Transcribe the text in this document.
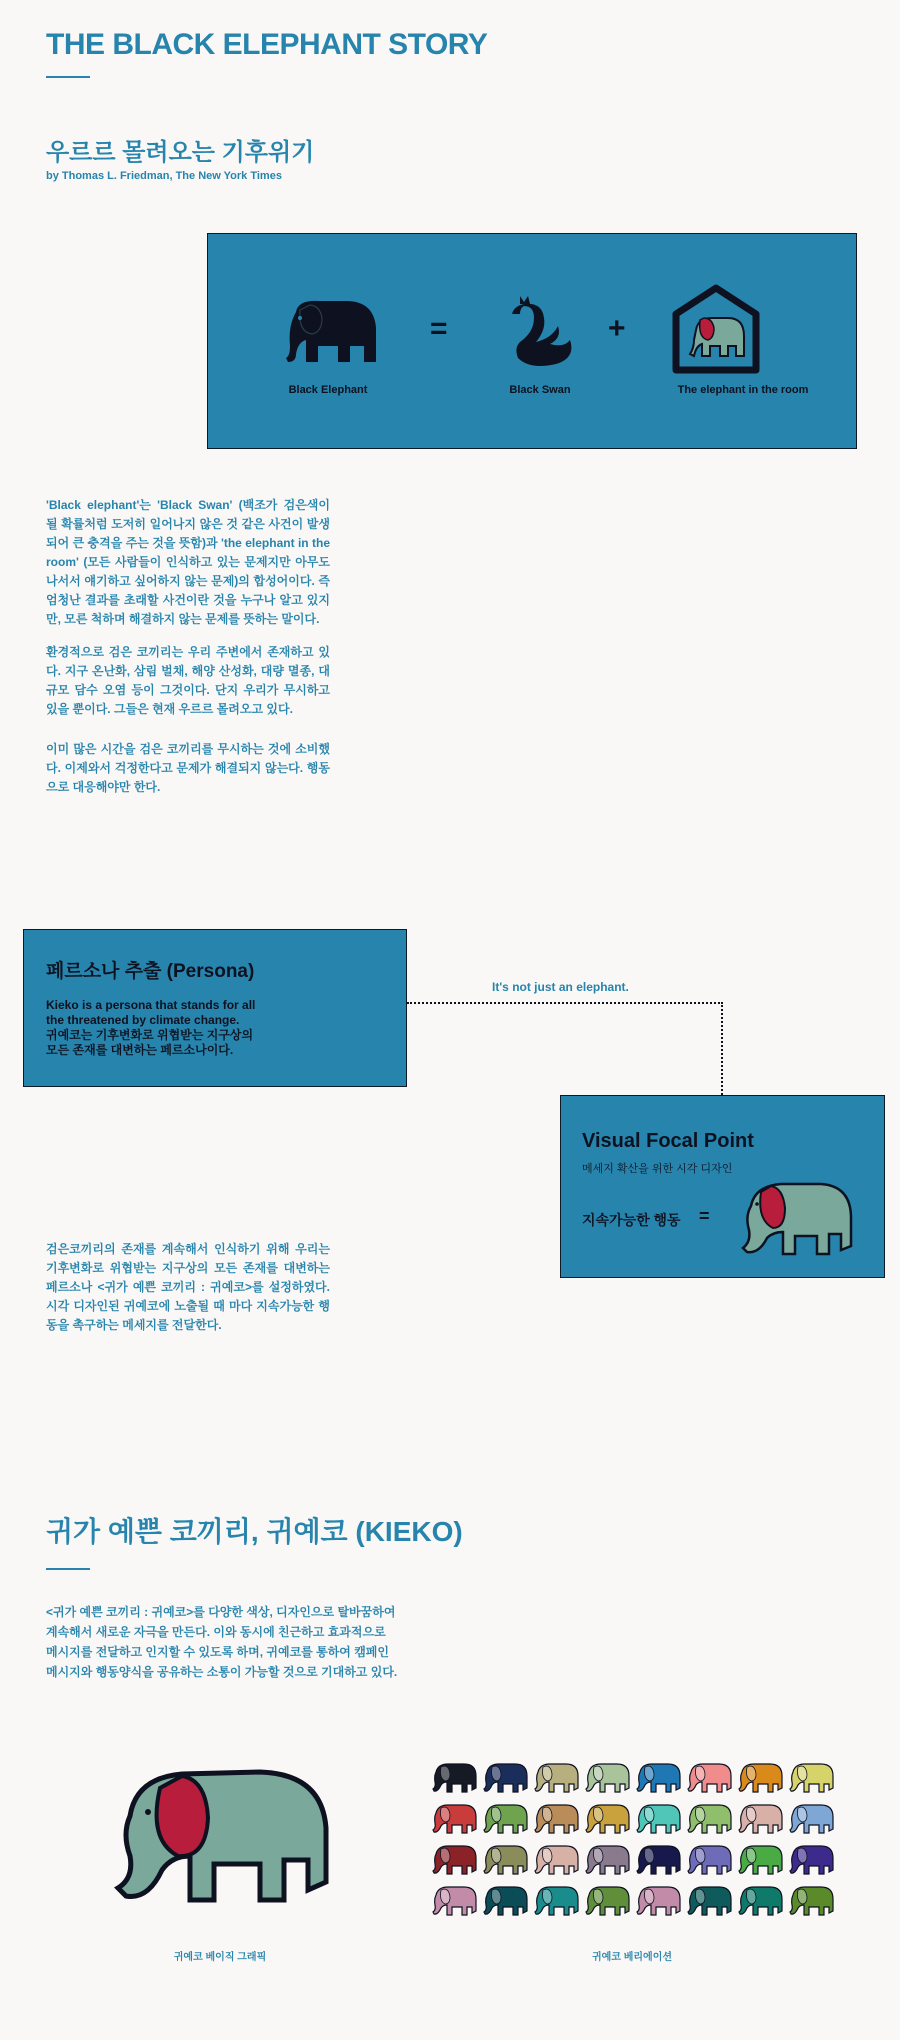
THE BLACK ELEPHANT STORY
우르르 몰려오는 기후위기
by Thomas L. Friedman, The New York Times
Black Elephant
=
Black Swan
+
The elephant in the room
'Black elephant'는 'Black Swan' (백조가 검은색이 될 확률처럼 도저히 일어나지 않은 것 같은 사건이 발생되어 큰 충격을 주는 것을 뜻함)과 'the elephant in the room' (모든 사람들이 인식하고 있는 문제지만 아무도 나서서 얘기하고 싶어하지 않는 문제)의 합성어이다. 즉 엄청난 결과를 초래할 사건이란 것을 누구나 알고 있지만, 모른 척하며 해결하지 않는 문제를 뜻하는 말이다.
환경적으로 검은 코끼리는 우리 주변에서 존재하고 있다. 지구 온난화, 삼림 벌채, 해양 산성화, 대량 멸종, 대규모 담수 오염 등이 그것이다. 단지 우리가 무시하고 있을 뿐이다. 그들은 현재 우르르 몰려오고 있다.
이미 많은 시간을 검은 코끼리를 무시하는 것에 소비했다. 이제와서 걱정한다고 문제가 해결되지 않는다. 행동으로 대응해야만 한다.
페르소나 추출 (Persona)
Kieko is a persona that stands for all
the threatened by climate change.
귀예코는 기후변화로 위협받는 지구상의
모든 존재를 대변하는 페르소나이다.
It's not just an elephant.
Visual Focal Point
메세지 확산을 위한 시각 디자인
지속가능한 행동 =
검은코끼리의 존재를 계속해서 인식하기 위해 우리는 기후변화로 위협받는 지구상의 모든 존재를 대변하는 페르소나 <귀가 예쁜 코끼리 : 귀예코>를 설정하였다. 시각 디자인된 귀예코에 노출될 때 마다 지속가능한 행동을 촉구하는 메세지를 전달한다.
귀가 예쁜 코끼리, 귀예코 (KIEKO)
<귀가 예쁜 코끼리 : 귀예코>를 다양한 색상, 디자인으로 탈바꿈하여
계속해서 새로운 자극을 만든다. 이와 동시에 친근하고 효과적으로
메시지를 전달하고 인지할 수 있도록 하며, 귀예코를 통하여 캠페인
메시지와 행동양식을 공유하는 소통이 가능할 것으로 기대하고 있다.
귀예코 베이직 그래픽	귀예코 베리에이션
